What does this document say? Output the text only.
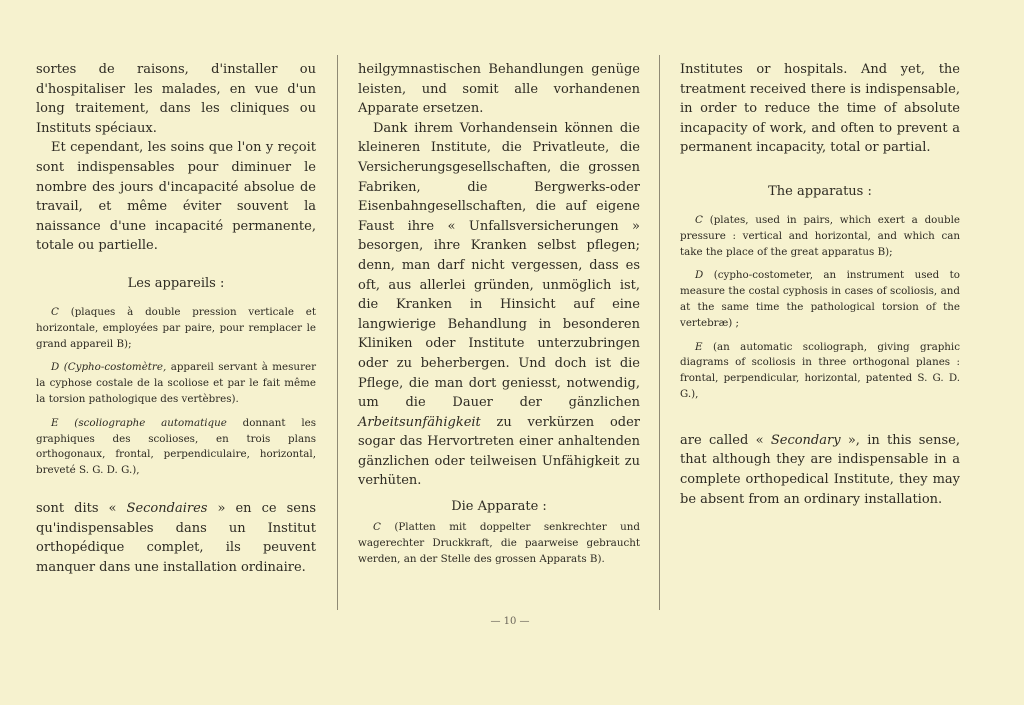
sortes de raisons, d'installer ou d'hospitaliser les malades, en vue d'un long traitement, dans les cliniques ou Instituts spéciaux.

Et cependant, les soins que l'on y reçoit sont indispensables pour diminuer le nombre des jours d'incapacité absolue de travail, et même éviter souvent la naissance d'une incapacité permanente, totale ou partielle.

Les appareils :

C (plaques à double pression verticale et horizontale, employées par paire, pour remplacer le grand appareil B);

D (Cypho-costomètre, appareil servant à mesurer la cyphose costale de la scoliose et par le fait même la torsion pathologique des vertèbres).

E (scoliographe automatique donnant les graphiques des scolioses, en trois plans orthogonaux, frontal, perpendiculaire, horizontal, breveté S. G. D. G.),

sont dits « Secondaires » en ce sens qu'indispensables dans un Institut orthopédique complet, ils peuvent manquer dans une installation ordinaire.

heilgymnastischen Behandlungen genüge leisten, und somit alle vorhandenen Apparate ersetzen.

Dank ihrem Vorhandensein können die kleineren Institute, die Privatleute, die Versicherungsgesellschaften, die grossen Fabriken, die Bergwerks-oder Eisenbahngesellschaften, die auf eigene Faust ihre « Unfallsversicherungen » besorgen, ihre Kranken selbst pflegen; denn, man darf nicht vergessen, dass es oft, aus allerlei gründen, unmöglich ist, die Kranken in Hinsicht auf eine langwierige Behandlung in besonderen Kliniken oder Institute unterzubringen oder zu beherbergen. Und doch ist die Pflege, die man dort geniesst, notwendig, um die Dauer der gänzlichen Arbeitsunfähigkeit zu verkürzen oder sogar das Hervortreten einer anhaltenden gänzlichen oder teilweisen Unfähigkeit zu verhüten.

Die Apparate :

C (Platten mit doppelter senkrechter und wagerechter Druckkraft, die paarweise gebraucht werden, an der Stelle des grossen Apparats B).

Institutes or hospitals. And yet, the treatment received there is indispensable, in order to reduce the time of absolute incapacity of work, and often to prevent a permanent incapacity, total or partial.

The apparatus :

C (plates, used in pairs, which exert a double pressure : vertical and horizontal, and which can take the place of the great apparatus B);

D (cypho-costometer, an instrument used to measure the costal cyphosis in cases of scoliosis, and at the same time the pathological torsion of the vertebræ) ;

E (an automatic scoliograph, giving graphic diagrams of scoliosis in three orthogonal planes : frontal, perpendicular, horizontal, patented S. G. D. G.),

are called « Secondary », in this sense, that although they are indispensable in a complete orthopedical Institute, they may be absent from an ordinary installation.

— 10 —
